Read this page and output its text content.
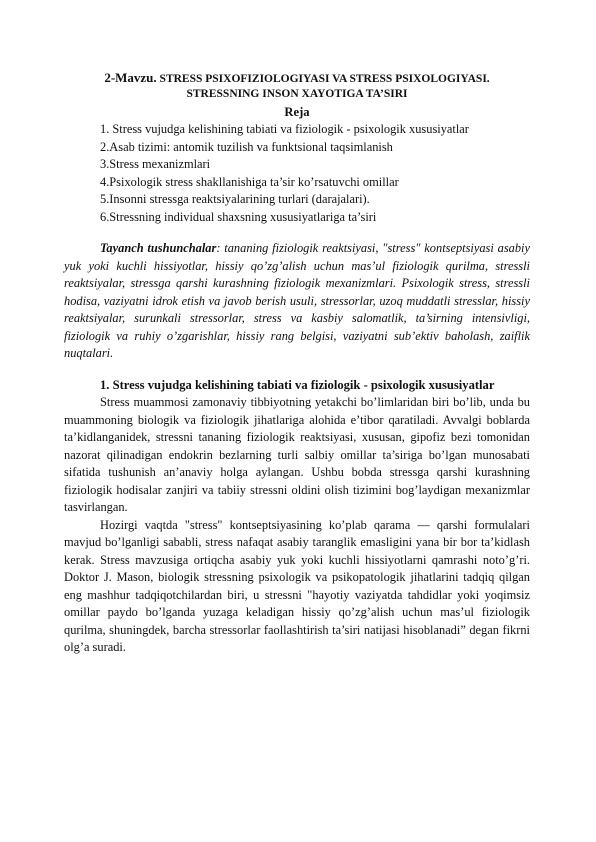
2-Mavzu. STRESS PSIXOFIZIOLOGIYASI VA STRESS PSIXOLOGIYASI.
STRESSNING INSON XAYOTIGA TA’SIRI
Reja
1. Stress vujudga kelishining tabiati va fiziologik - psixologik xususiyatlar
2.Asab tizimi: antomik tuzilish va funktsional taqsimlanish
3.Stress mexanizmlari
4.Psixologik stress shakllanishiga ta’sir ko’rsatuvchi omillar
5.Insonni stressga reaktsiyalarining turlari (darajalari).
6.Stressning individual shaxsning xususiyatlariga ta’siri

Tayanch tushunchalar: tananing fiziologik reaktsiyasi, "stress" kontseptsiyasi asabiy yuk yoki kuchli hissiyotlar, hissiy qo’zg’alish uchun mas’ul fiziologik qurilma, stressli reaktsiyalar, stressga qarshi kurashning fiziologik mexanizmlari. Psixologik stress, stressli hodisa, vaziyatni idrok etish va javob berish usuli, stressorlar, uzoq muddatli stresslar, hissiy reaktsiyalar, surunkali stressorlar, stress va kasbiy salomatlik, ta’sirning intensivligi, fiziologik va ruhiy o’zgarishlar, hissiy rang belgisi, vaziyatni sub’ektiv baholash, zaiflik nuqtalari.

1. Stress vujudga kelishining tabiati va fiziologik - psixologik xususiyatlar

Stress muammosi zamonaviy tibbiyotning yetakchi bo’limlaridan biri bo’lib, unda bu muammoning biologik va fiziologik jihatlariga alohida e’tibor qaratiladi. Avvalgi boblarda ta’kidlanganidek, stressni tananing fiziologik reaktsiyasi, xususan, gipofiz bezi tomonidan nazorat qilinadigan endokrin bezlarning turli salbiy omillar ta’siriga bo’lgan munosabati sifatida tushunish an’anaviy holga aylangan. Ushbu bobda stressga qarshi kurashning fiziologik hodisalar zanjiri va tabiiy stressni oldini olish tizimini bog’laydigan mexanizmlar tasvirlangan.

Hozirgi vaqtda "stress" kontseptsiyasining ko’plab qarama — qarshi formulalari mavjud bo’lganligi sababli, stress nafaqat asabiy taranglik emasligini yana bir bor ta’kidlash kerak. Stress mavzusiga ortiqcha asabiy yuk yoki kuchli hissiyotlarni qamrashi noto’g’ri. Doktor J. Mason, biologik stressning psixologik va psikopatologik jihatlarini tadqiq qilgan eng mashhur tadqiqotchilardan biri, u stressni "hayotiy vaziyatda tahdidlar yoki yoqimsiz omillar paydo bo’lganda yuzaga keladigan hissiy qo’zg’alish uchun mas’ul fiziologik qurilma, shuningdek, barcha stressorlar faollashtirish ta’siri natijasi hisoblanadi” degan fikrni olg’a suradi.
